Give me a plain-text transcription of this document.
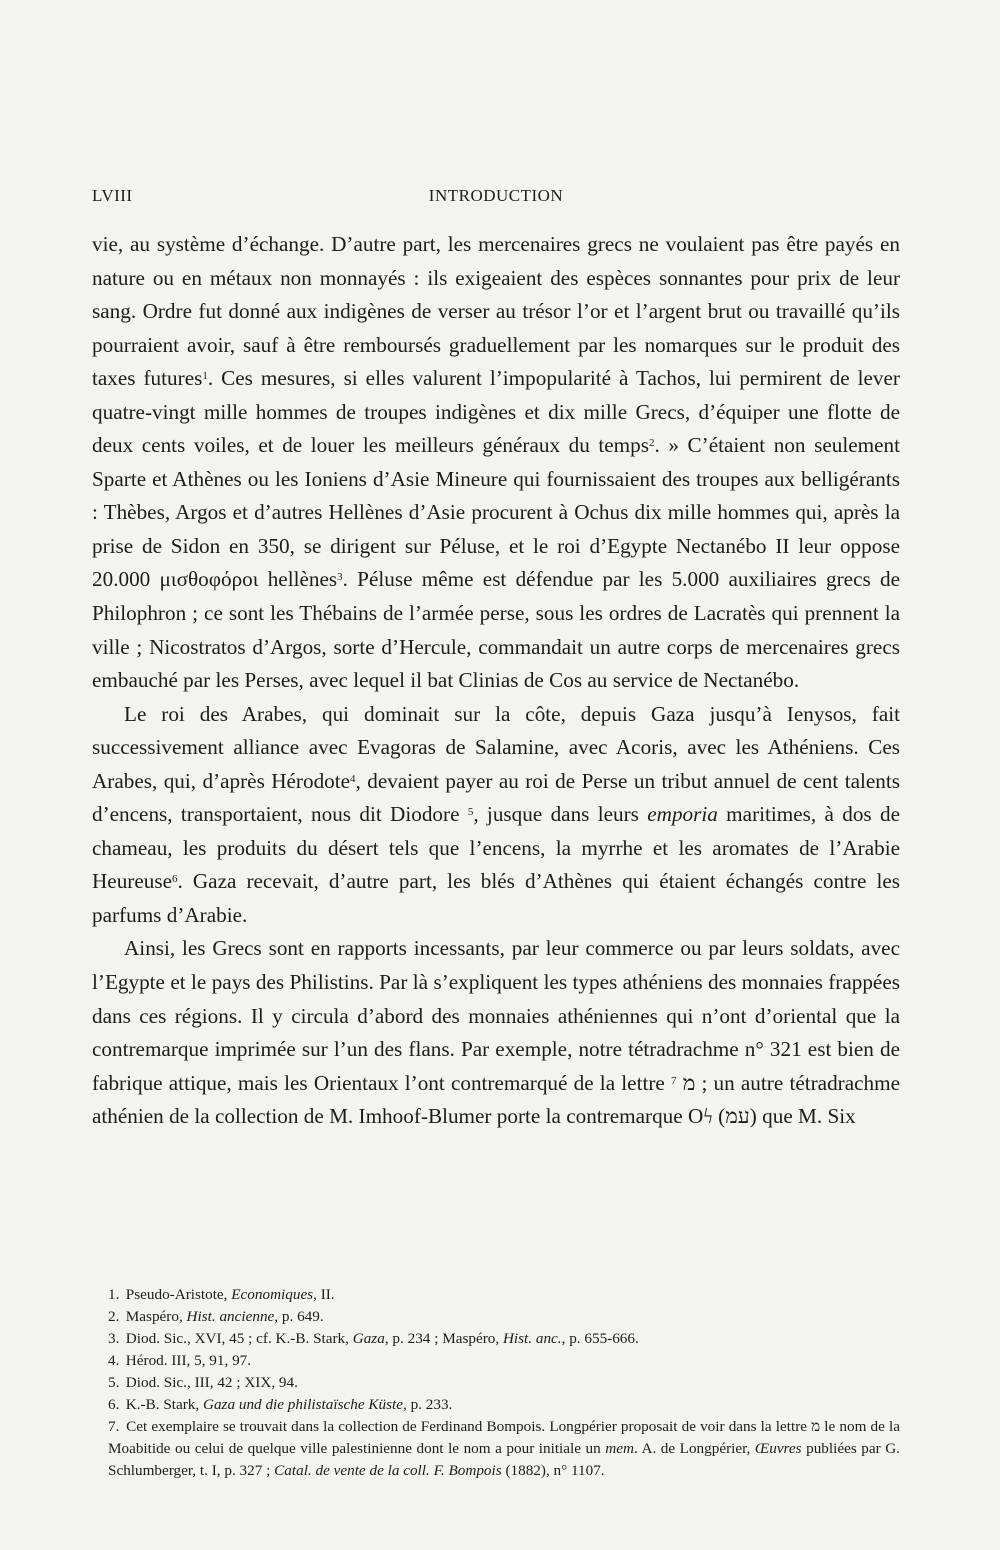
LVIII	INTRODUCTION

vie, au système d’échange. D’autre part, les mercenaires grecs ne voulaient pas être payés en nature ou en métaux non monnayés : ils exigeaient des espèces sonnantes pour prix de leur sang. Ordre fut donné aux indigènes de verser au trésor l’or et l’argent brut ou travaillé qu’ils pourraient avoir, sauf à être remboursés graduellement par les nomarques sur le produit des taxes futures$^1$. Ces mesures, si elles valurent l’impopularité à Tachos, lui permirent de lever quatre-vingt mille hommes de troupes indigènes et dix mille Grecs, d’équiper une flotte de deux cents voiles, et de louer les meilleurs généraux du temps$^2$. » C’étaient non seulement Sparte et Athènes ou les Ioniens d’Asie Mineure qui fournissaient des troupes aux belligérants : Thèbes, Argos et d’autres Hellènes d’Asie procurent à Ochus dix mille hommes qui, après la prise de Sidon en 350, se dirigent sur Péluse, et le roi d’Egypte Nectanébo II leur oppose 20.000 μισθοφόροι hellènes$^3$. Péluse même est défendue par les 5.000 auxiliaires grecs de Philophron ; ce sont les Thébains de l’armée perse, sous les ordres de Lacratès qui prennent la ville ; Nicostratos d’Argos, sorte d’Hercule, commandait un autre corps de mercenaires grecs embauché par les Perses, avec lequel il bat Clinias de Cos au service de Nectanébo.

Le roi des Arabes, qui dominait sur la côte, depuis Gaza jusqu’à Ienysos, fait successivement alliance avec Evagoras de Salamine, avec Acoris, avec les Athéniens. Ces Arabes, qui, d’après Hérodote$^4$, devaient payer au roi de Perse un tribut annuel de cent talents d’encens, transportaient, nous dit Diodore $^5$, jusque dans leurs emporia maritimes, à dos de chameau, les produits du désert tels que l’encens, la myrrhe et les aromates de l’Arabie Heureuse$^6$. Gaza recevait, d’autre part, les blés d’Athènes qui étaient échangés contre les parfums d’Arabie.

Ainsi, les Grecs sont en rapports incessants, par leur commerce ou par leurs soldats, avec l’Egypte et le pays des Philistins. Par là s’expliquent les types athéniens des monnaies frappées dans ces régions. Il y circula d’abord des monnaies athéniennes qui n’ont d’oriental que la contremarque imprimée sur l’un des flans. Par exemple, notre tétradrachme n° 321 est bien de fabrique attique, mais les Orientaux l’ont contremarqué de la lettre מ $^7$ ; un autre tétradrachme athénien de la collection de M. Imhoof-Blumer porte la contremarque Oϟ (עמ) que M. Six

1. Pseudo-Aristote, Economiques, II.

2. Maspéro, Hist. ancienne, p. 649.

3. Diod. Sic., XVI, 45 ; cf. K.-B. Stark, Gaza, p. 234 ; Maspéro, Hist. anc., p. 655-666.

4. Hérod. III, 5, 91, 97.

5. Diod. Sic., III, 42 ; XIX, 94.

6. K.-B. Stark, Gaza und die philistaïsche Küste, p. 233.

7. Cet exemplaire se trouvait dans la collection de Ferdinand Bompois. Longpérier proposait de voir dans la lettre מ le nom de la Moabitide ou celui de quelque ville palestinienne dont le nom a pour initiale un mem. A. de Longpérier, Œuvres publiées par G. Schlumberger, t. I, p. 327 ; Catal. de vente de la coll. F. Bompois (1882), n° 1107.
